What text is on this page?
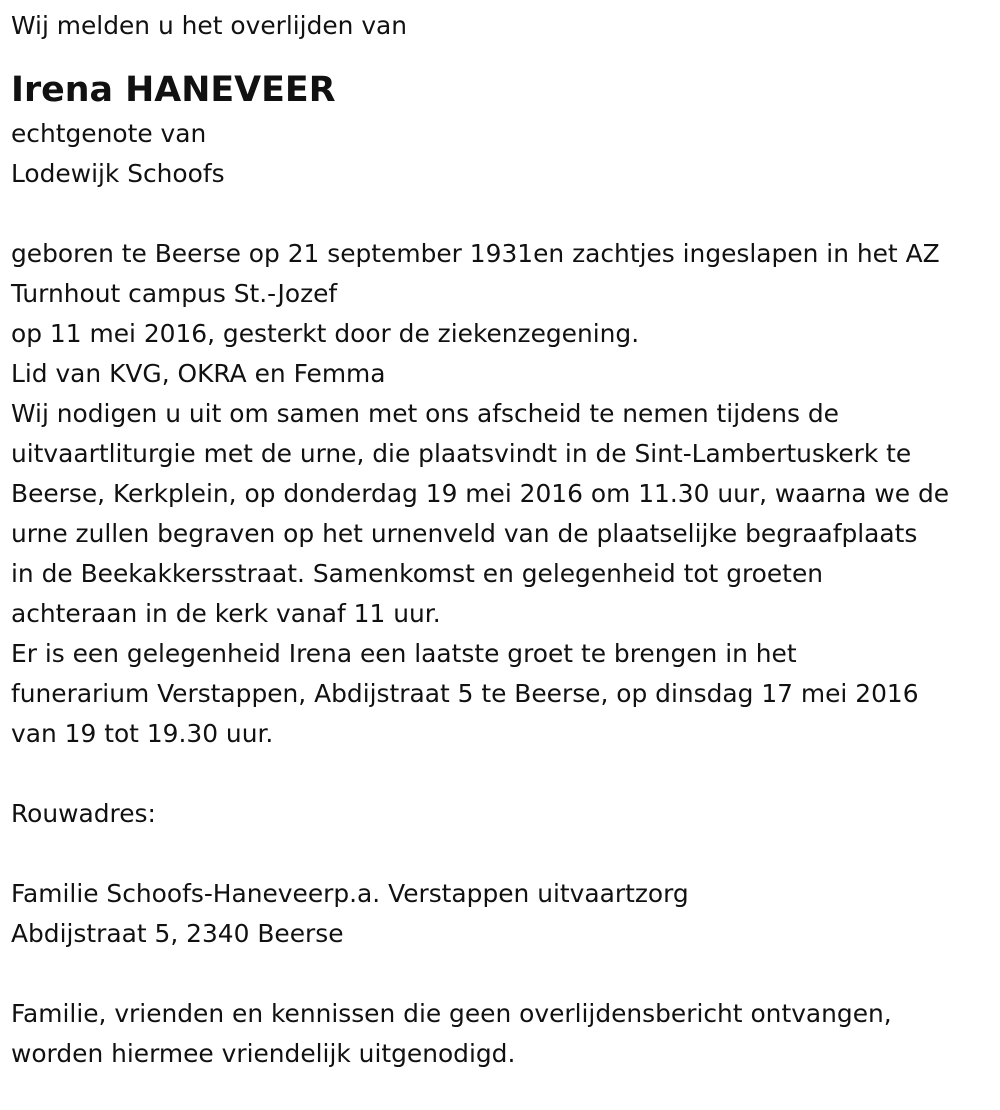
Wij melden u het overlijden van

Irena HANEVEER

echtgenote van

Lodewijk Schoofs

geboren te Beerse op 21 september 1931en zachtjes ingeslapen in het AZ

Turnhout campus St.-Jozef

op 11 mei 2016, gesterkt door de ziekenzegening.

Lid van KVG, OKRA en Femma

Wij nodigen u uit om samen met ons afscheid te nemen tijdens de

uitvaartliturgie met de urne, die plaatsvindt in de Sint-Lambertuskerk te

Beerse, Kerkplein, op donderdag 19 mei 2016 om 11.30 uur, waarna we de

urne zullen begraven op het urnenveld van de plaatselijke begraafplaats

in de Beekakkersstraat. Samenkomst en gelegenheid tot groeten

achteraan in de kerk vanaf 11 uur.

Er is een gelegenheid Irena een laatste groet te brengen in het

funerarium Verstappen, Abdijstraat 5 te Beerse, op dinsdag 17 mei 2016

van 19 tot 19.30 uur.

Rouwadres:

Familie Schoofs-Haneveerp.a. Verstappen uitvaartzorg

Abdijstraat 5, 2340 Beerse

Familie, vrienden en kennissen die geen overlijdensbericht ontvangen,

worden hiermee vriendelijk uitgenodigd.
